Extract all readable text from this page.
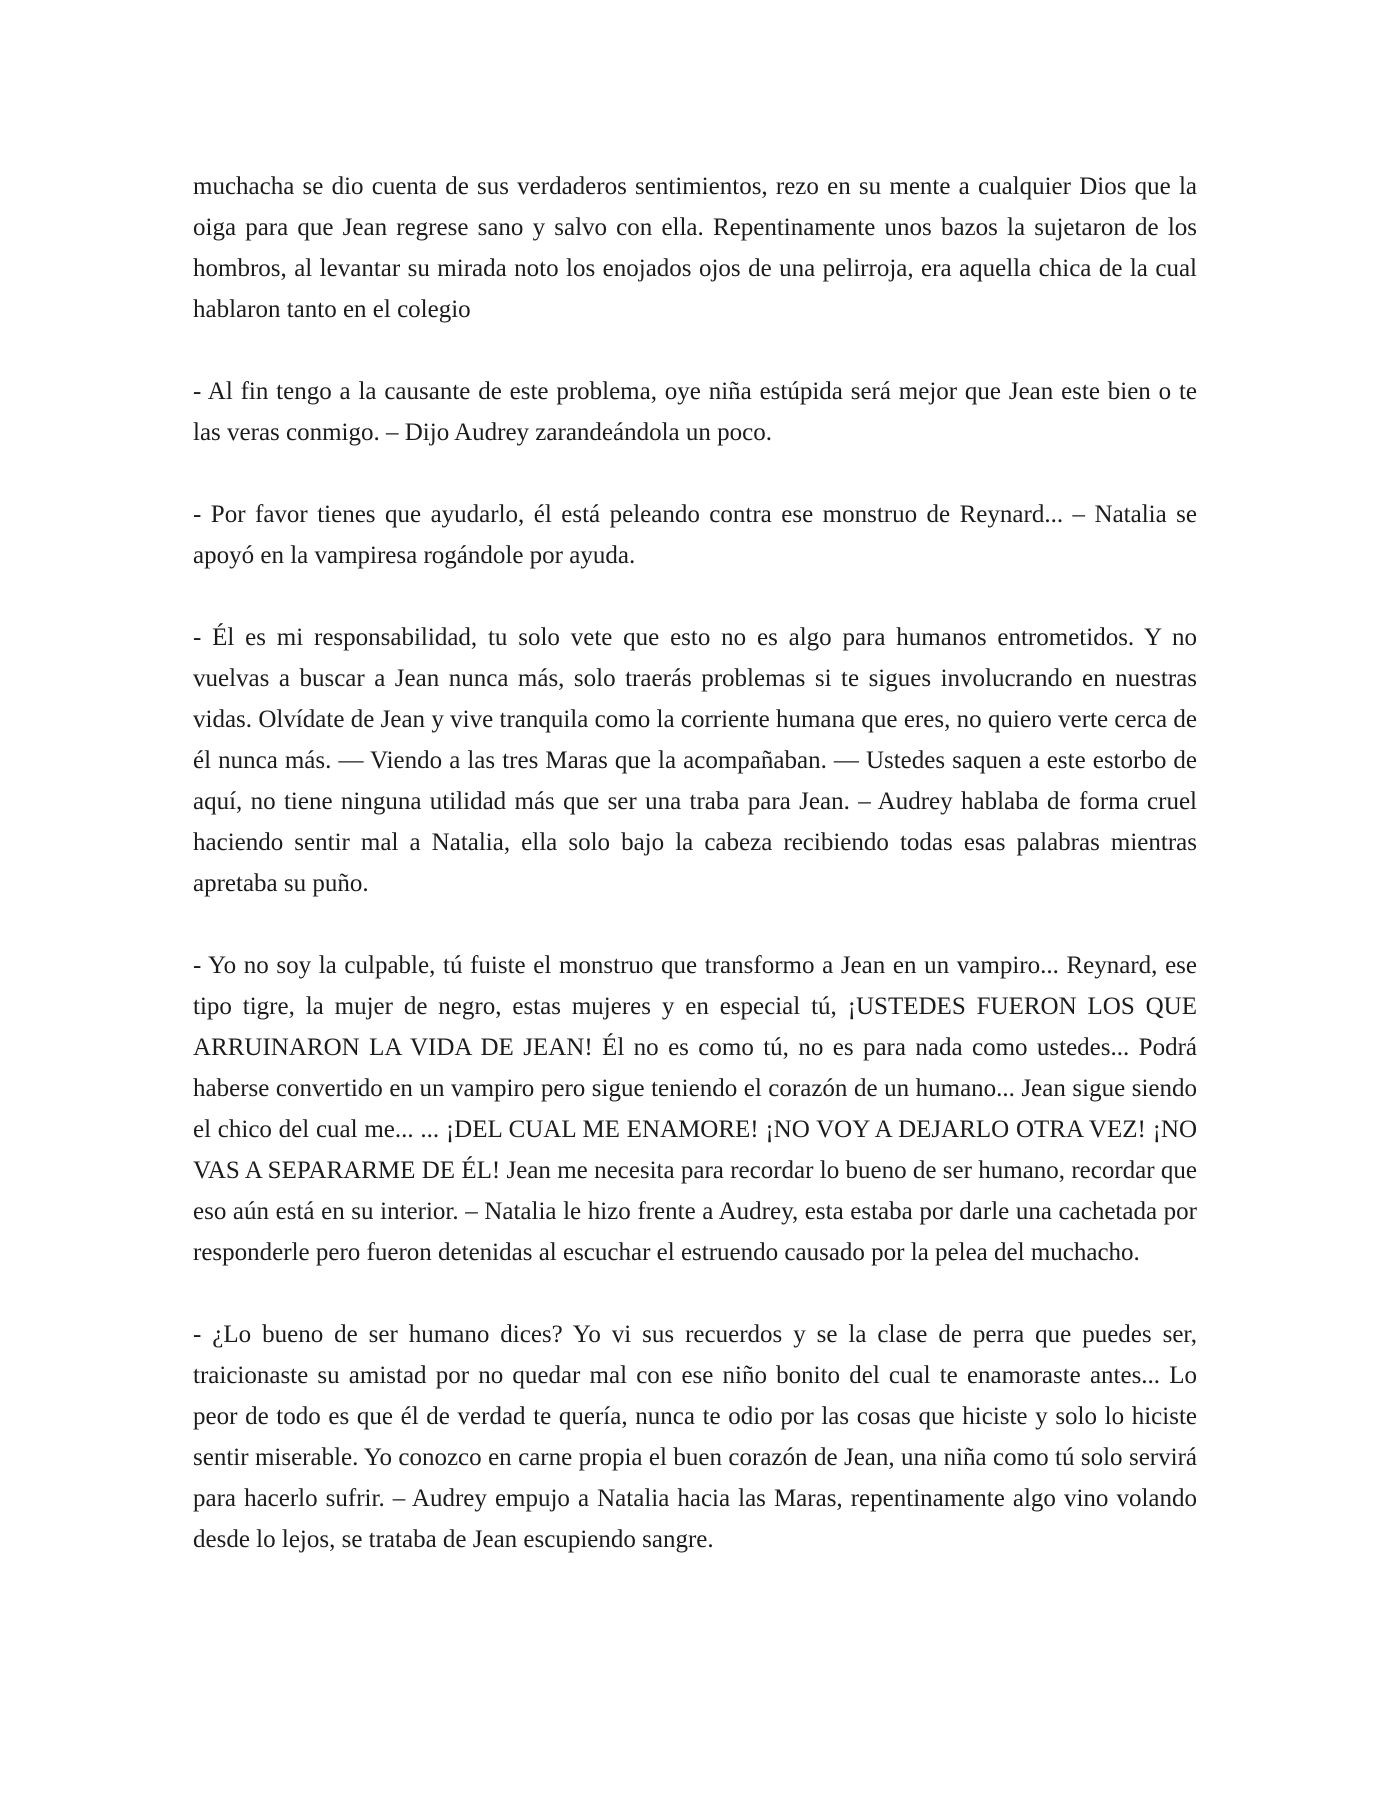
muchacha se dio cuenta de sus verdaderos sentimientos, rezo en su mente a cualquier Dios que la oiga para que Jean regrese sano y salvo con ella. Repentinamente unos bazos la sujetaron de los hombros, al levantar su mirada noto los enojados ojos de una pelirroja, era aquella chica de la cual hablaron tanto en el colegio

- Al fin tengo a la causante de este problema, oye niña estúpida será mejor que Jean este bien o te las veras conmigo. – Dijo Audrey zarandeándola un poco.

- Por favor tienes que ayudarlo, él está peleando contra ese monstruo de Reynard... – Natalia se apoyó en la vampiresa rogándole por ayuda.

- Él es mi responsabilidad, tu solo vete que esto no es algo para humanos entrometidos. Y no vuelvas a buscar a Jean nunca más, solo traerás problemas si te sigues involucrando en nuestras vidas. Olvídate de Jean y vive tranquila como la corriente humana que eres, no quiero verte cerca de él nunca más. — Viendo a las tres Maras que la acompañaban. — Ustedes saquen a este estorbo de aquí, no tiene ninguna utilidad más que ser una traba para Jean. – Audrey hablaba de forma cruel haciendo sentir mal a Natalia, ella solo bajo la cabeza recibiendo todas esas palabras mientras apretaba su puño.

- Yo no soy la culpable, tú fuiste el monstruo que transformo a Jean en un vampiro... Reynard, ese tipo tigre, la mujer de negro, estas mujeres y en especial tú, ¡USTEDES FUERON LOS QUE ARRUINARON LA VIDA DE JEAN! Él no es como tú, no es para nada como ustedes... Podrá haberse convertido en un vampiro pero sigue teniendo el corazón de un humano... Jean sigue siendo el chico del cual me... ... ¡DEL CUAL ME ENAMORE! ¡NO VOY A DEJARLO OTRA VEZ! ¡NO VAS A SEPARARME DE ÉL! Jean me necesita para recordar lo bueno de ser humano, recordar que eso aún está en su interior. – Natalia le hizo frente a Audrey, esta estaba por darle una cachetada por responderle pero fueron detenidas al escuchar el estruendo causado por la pelea del muchacho.

- ¿Lo bueno de ser humano dices? Yo vi sus recuerdos y se la clase de perra que puedes ser, traicionaste su amistad por no quedar mal con ese niño bonito del cual te enamoraste antes... Lo peor de todo es que él de verdad te quería, nunca te odio por las cosas que hiciste y solo lo hiciste sentir miserable. Yo conozco en carne propia el buen corazón de Jean, una niña como tú solo servirá para hacerlo sufrir. – Audrey empujo a Natalia hacia las Maras, repentinamente algo vino volando desde lo lejos, se trataba de Jean escupiendo sangre.
